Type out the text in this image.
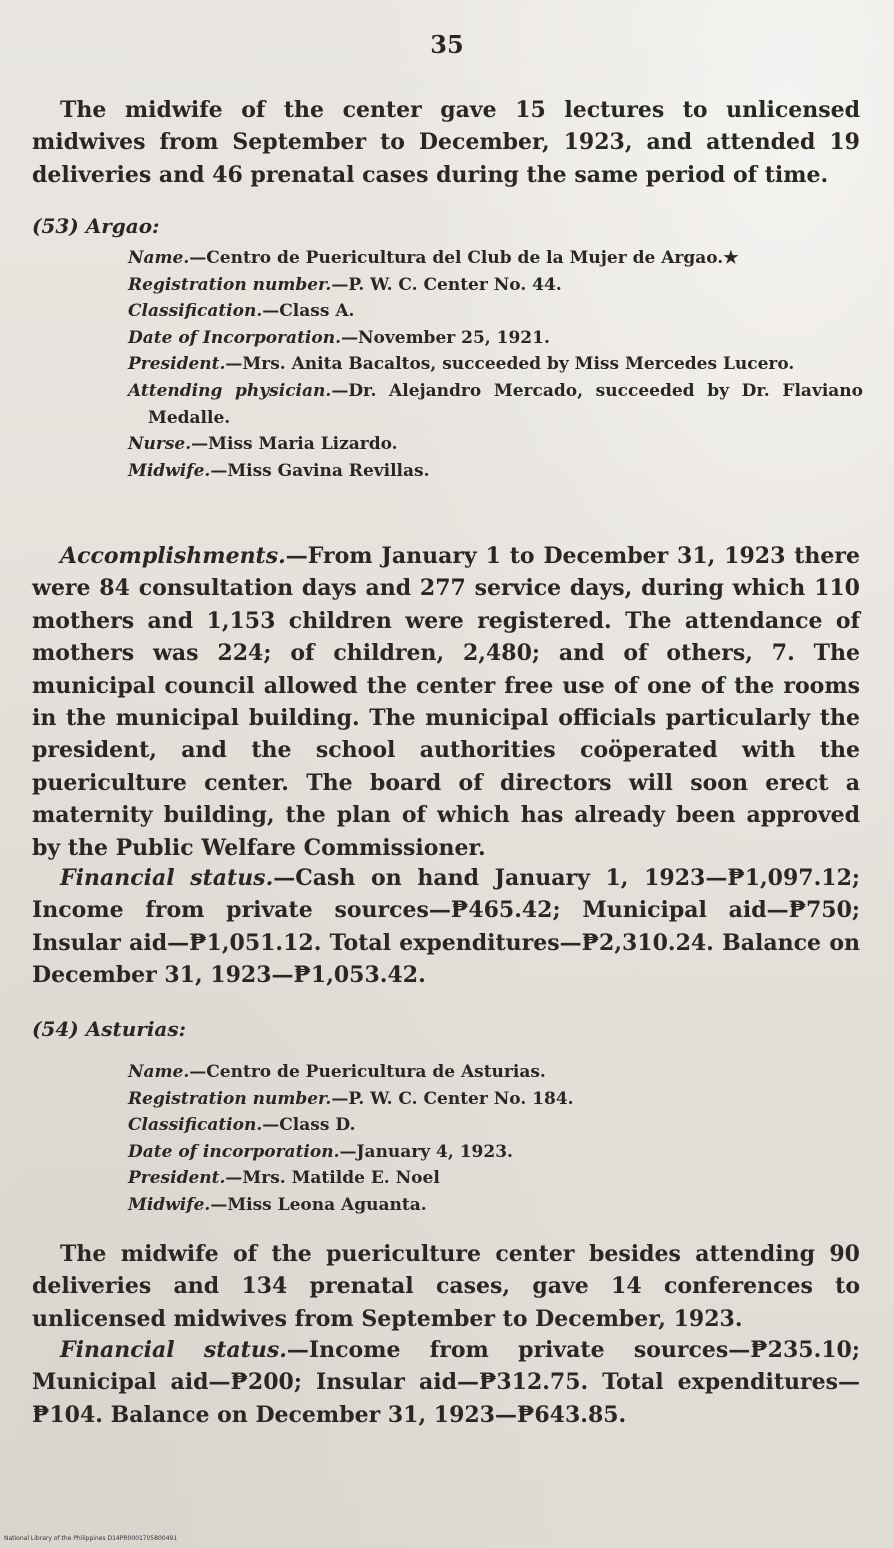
35
The midwife of the center gave 15 lectures to unlicensed midwives from September to December, 1923, and attended 19 deliveries and 46 prenatal cases during the same period of time.
(53) Argao:
Name.—Centro de Puericultura del Club de la Mujer de Argao.★
Registration number.—P. W. C. Center No. 44.
Classification.—Class A.
Date of Incorporation.—November 25, 1921.
President.—Mrs. Anita Bacaltos, succeeded by Miss Mercedes Lucero.
Attending physician.—Dr. Alejandro Mercado, succeeded by Dr. Flaviano Medalle.
Nurse.—Miss Maria Lizardo.
Midwife.—Miss Gavina Revillas.
Accomplishments.—From January 1 to December 31, 1923 there were 84 consultation days and 277 service days, during which 110 mothers and 1,153 children were registered. The attendance of mothers was 224; of children, 2,480; and of others, 7. The municipal council allowed the center free use of one of the rooms in the municipal building. The municipal officials particularly the president, and the school authorities coöperated with the puericulture center. The board of directors will soon erect a maternity building, the plan of which has already been approved by the Public Welfare Commissioner.
Financial status.—Cash on hand January 1, 1923—₱1,097.12; Income from private sources—₱465.42; Municipal aid—₱750; Insular aid—₱1,051.12. Total expenditures—₱2,310.24. Balance on December 31, 1923—₱1,053.42.
(54) Asturias:
Name.—Centro de Puericultura de Asturias.
Registration number.—P. W. C. Center No. 184.
Classification.—Class D.
Date of incorporation.—January 4, 1923.
President.—Mrs. Matilde E. Noel
Midwife.—Miss Leona Aguanta.
The midwife of the puericulture center besides attending 90 deliveries and 134 prenatal cases, gave 14 conferences to unlicensed midwives from September to December, 1923.
Financial status.—Income from private sources—₱235.10; Municipal aid—₱200; Insular aid—₱312.75. Total expenditures—₱104. Balance on December 31, 1923—₱643.85.
National Library of the Philippines D14PR0001705800491
